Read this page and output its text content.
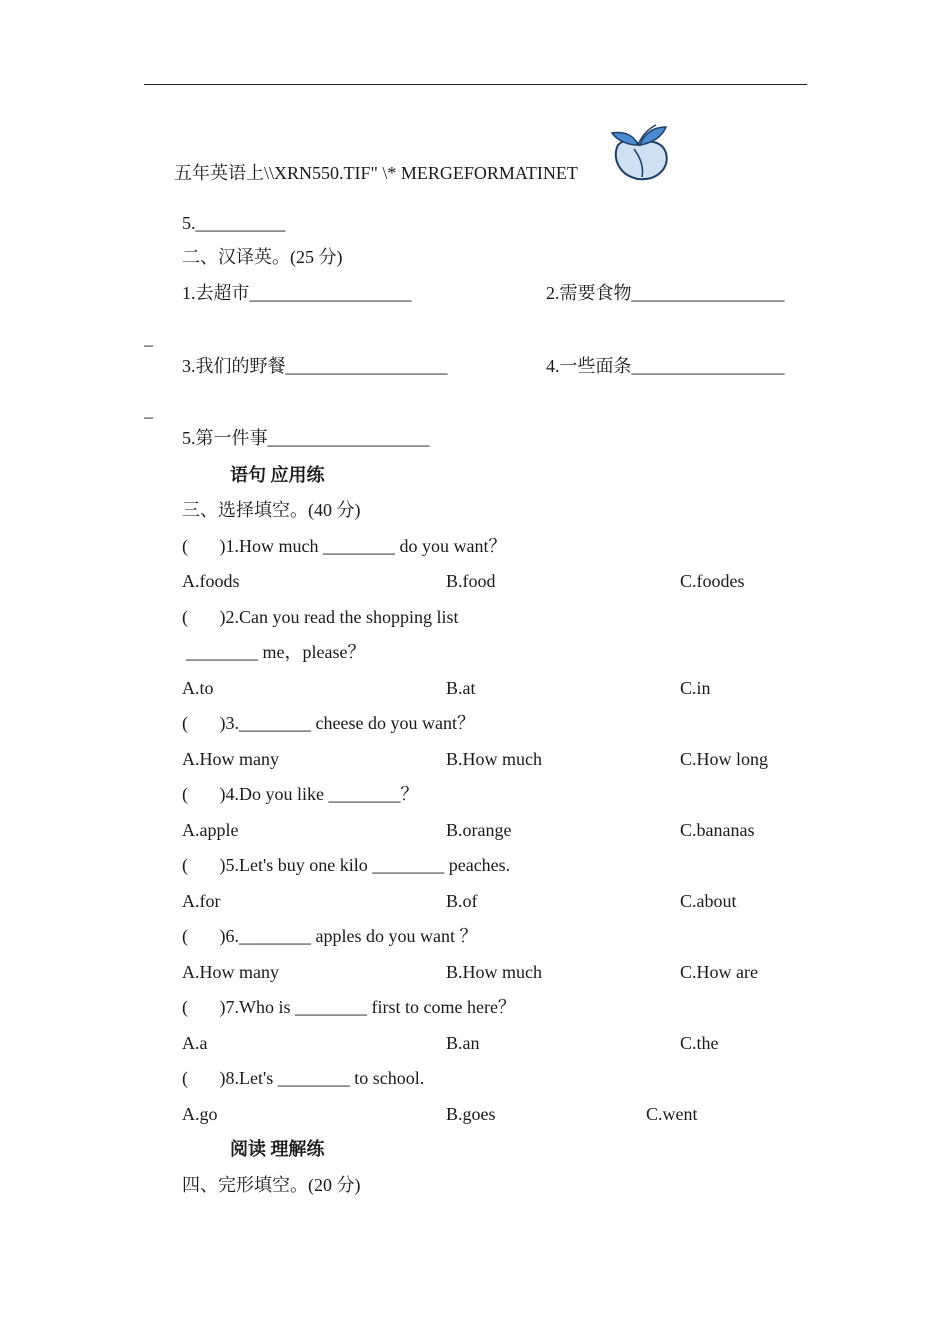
五年英语上\\XRN550.TIF" \* MERGEFORMATINET
5.__________
二、汉译英。(25 分)
1.去超市__________________	2.需要食物_________________
_
3.我们的野餐__________________	4.一些面条_________________
_
5.第一件事__________________
语句 应用练
三、选择填空。(40 分)
(       )1.How much ________ do you want？
A.foods	B.food	C.foodes
(       )2.Can you read the shopping list
________ me，please？
A.to	B.at	C.in
(       )3.________ cheese do you want？
A.How many	B.How much	C.How long
(       )4.Do you like ________？
A.apple	B.orange	C.bananas
(       )5.Let's buy one kilo ________ peaches.
A.for	B.of	C.about
(       )6.________ apples do you want ？
A.How many	B.How much	C.How are
(       )7.Who is ________ first to come here？
A.a	B.an	C.the
(       )8.Let's ________ to school.
A.go	B.goes	C.went
阅读 理解练
四、完形填空。(20 分)
